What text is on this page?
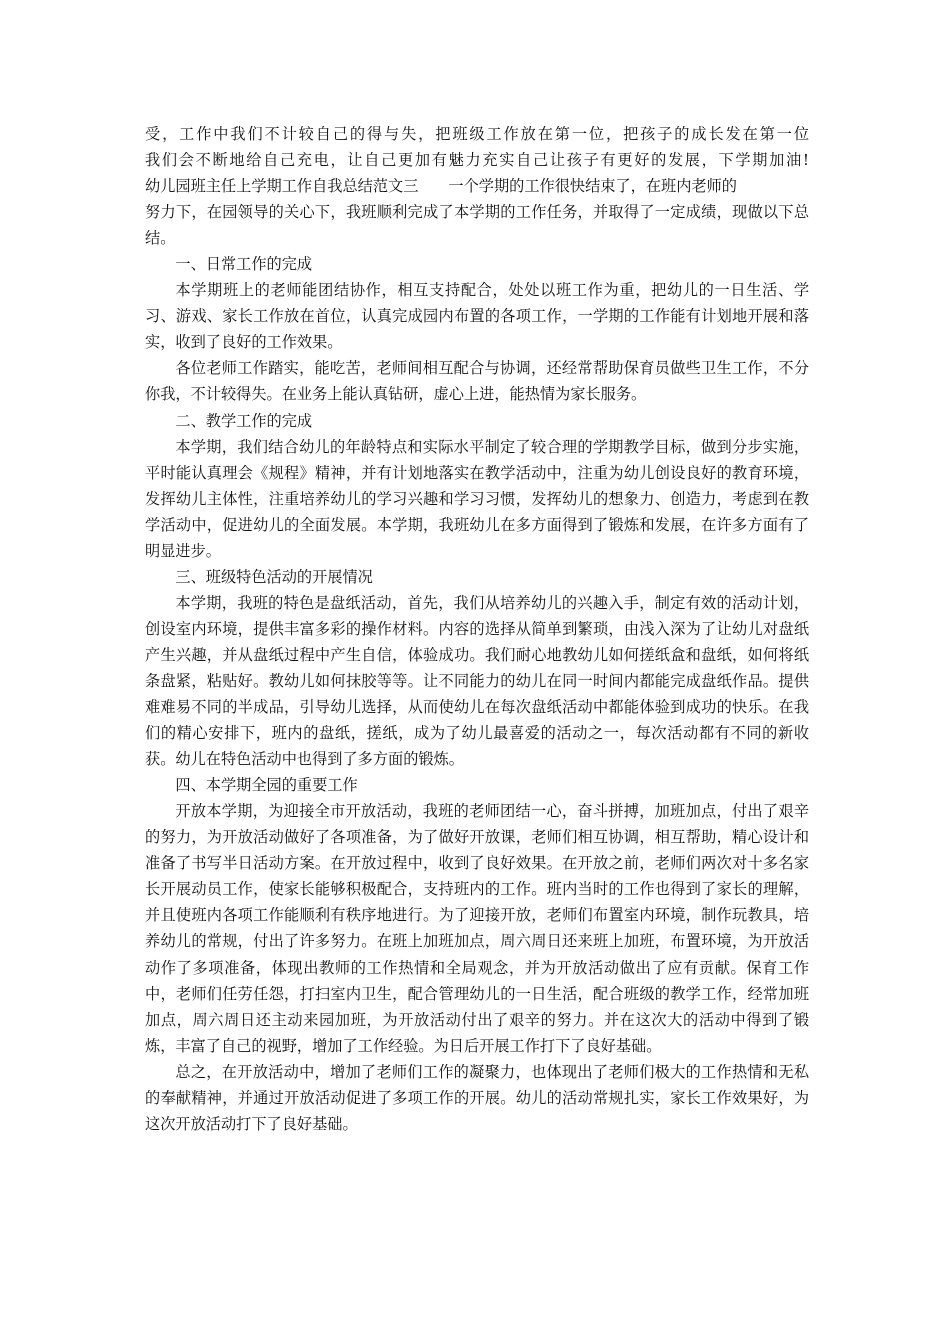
受，工作中我们不计较自己的得与失，把班级工作放在第一位，把孩子的成长发在第一位
我们会不断地给自己充电，让自己更加有魅力充实自己让孩子有更好的发展，下学期加油!
幼儿园班主任上学期工作自我总结范文三 一个学期的工作很快结束了，在班内老师的
努力下，在园领导的关心下，我班顺利完成了本学期的工作任务，并取得了一定成绩，现做以下总结。
一、日常工作的完成
本学期班上的老师能团结协作，相互支持配合，处处以班工作为重，把幼儿的一日生活、学习、游戏、家长工作放在首位，认真完成园内布置的各项工作，一学期的工作能有计划地开展和落实，收到了良好的工作效果。
各位老师工作踏实，能吃苦，老师间相互配合与协调，还经常帮助保育员做些卫生工作，不分你我，不计较得失。在业务上能认真钻研，虚心上进，能热情为家长服务。
二、教学工作的完成
本学期，我们结合幼儿的年龄特点和实际水平制定了较合理的学期教学目标，做到分步实施，平时能认真理会《规程》精神，并有计划地落实在教学活动中，注重为幼儿创设良好的教育环境，发挥幼儿主体性，注重培养幼儿的学习兴趣和学习习惯，发挥幼儿的想象力、创造力，考虑到在教学活动中，促进幼儿的全面发展。本学期，我班幼儿在多方面得到了锻炼和发展，在许多方面有了明显进步。
三、班级特色活动的开展情况
本学期，我班的特色是盘纸活动，首先，我们从培养幼儿的兴趣入手，制定有效的活动计划，创设室内环境，提供丰富多彩的操作材料。内容的选择从简单到繁琐，由浅入深为了让幼儿对盘纸产生兴趣，并从盘纸过程中产生自信，体验成功。我们耐心地教幼儿如何搓纸盒和盘纸，如何将纸条盘紧，粘贴好。教幼儿如何抹胶等等。让不同能力的幼儿在同一时间内都能完成盘纸作品。提供难难易不同的半成品，引导幼儿选择，从而使幼儿在每次盘纸活动中都能体验到成功的快乐。在我们的精心安排下，班内的盘纸，搓纸，成为了幼儿最喜爱的活动之一，每次活动都有不同的新收获。幼儿在特色活动中也得到了多方面的锻炼。
四、本学期全园的重要工作
开放本学期，为迎接全市开放活动，我班的老师团结一心，奋斗拼搏，加班加点，付出了艰辛的努力，为开放活动做好了各项准备，为了做好开放课，老师们相互协调，相互帮助，精心设计和准备了书写半日活动方案。在开放过程中，收到了良好效果。在开放之前，老师们两次对十多名家长开展动员工作，使家长能够积极配合，支持班内的工作。班内当时的工作也得到了家长的理解，并且使班内各项工作能顺利有秩序地进行。为了迎接开放，老师们布置室内环境，制作玩教具，培养幼儿的常规，付出了许多努力。在班上加班加点，周六周日还来班上加班，布置环境，为开放活动作了多项准备，体现出教师的工作热情和全局观念，并为开放活动做出了应有贡献。保育工作中，老师们任劳任怨，打扫室内卫生，配合管理幼儿的一日生活，配合班级的教学工作，经常加班加点，周六周日还主动来园加班，为开放活动付出了艰辛的努力。并在这次大的活动中得到了锻炼，丰富了自己的视野，增加了工作经验。为日后开展工作打下了良好基础。
总之，在开放活动中，增加了老师们工作的凝聚力，也体现出了老师们极大的工作热情和无私的奉献精神，并通过开放活动促进了多项工作的开展。幼儿的活动常规扎实，家长工作效果好，为这次开放活动打下了良好基础。
